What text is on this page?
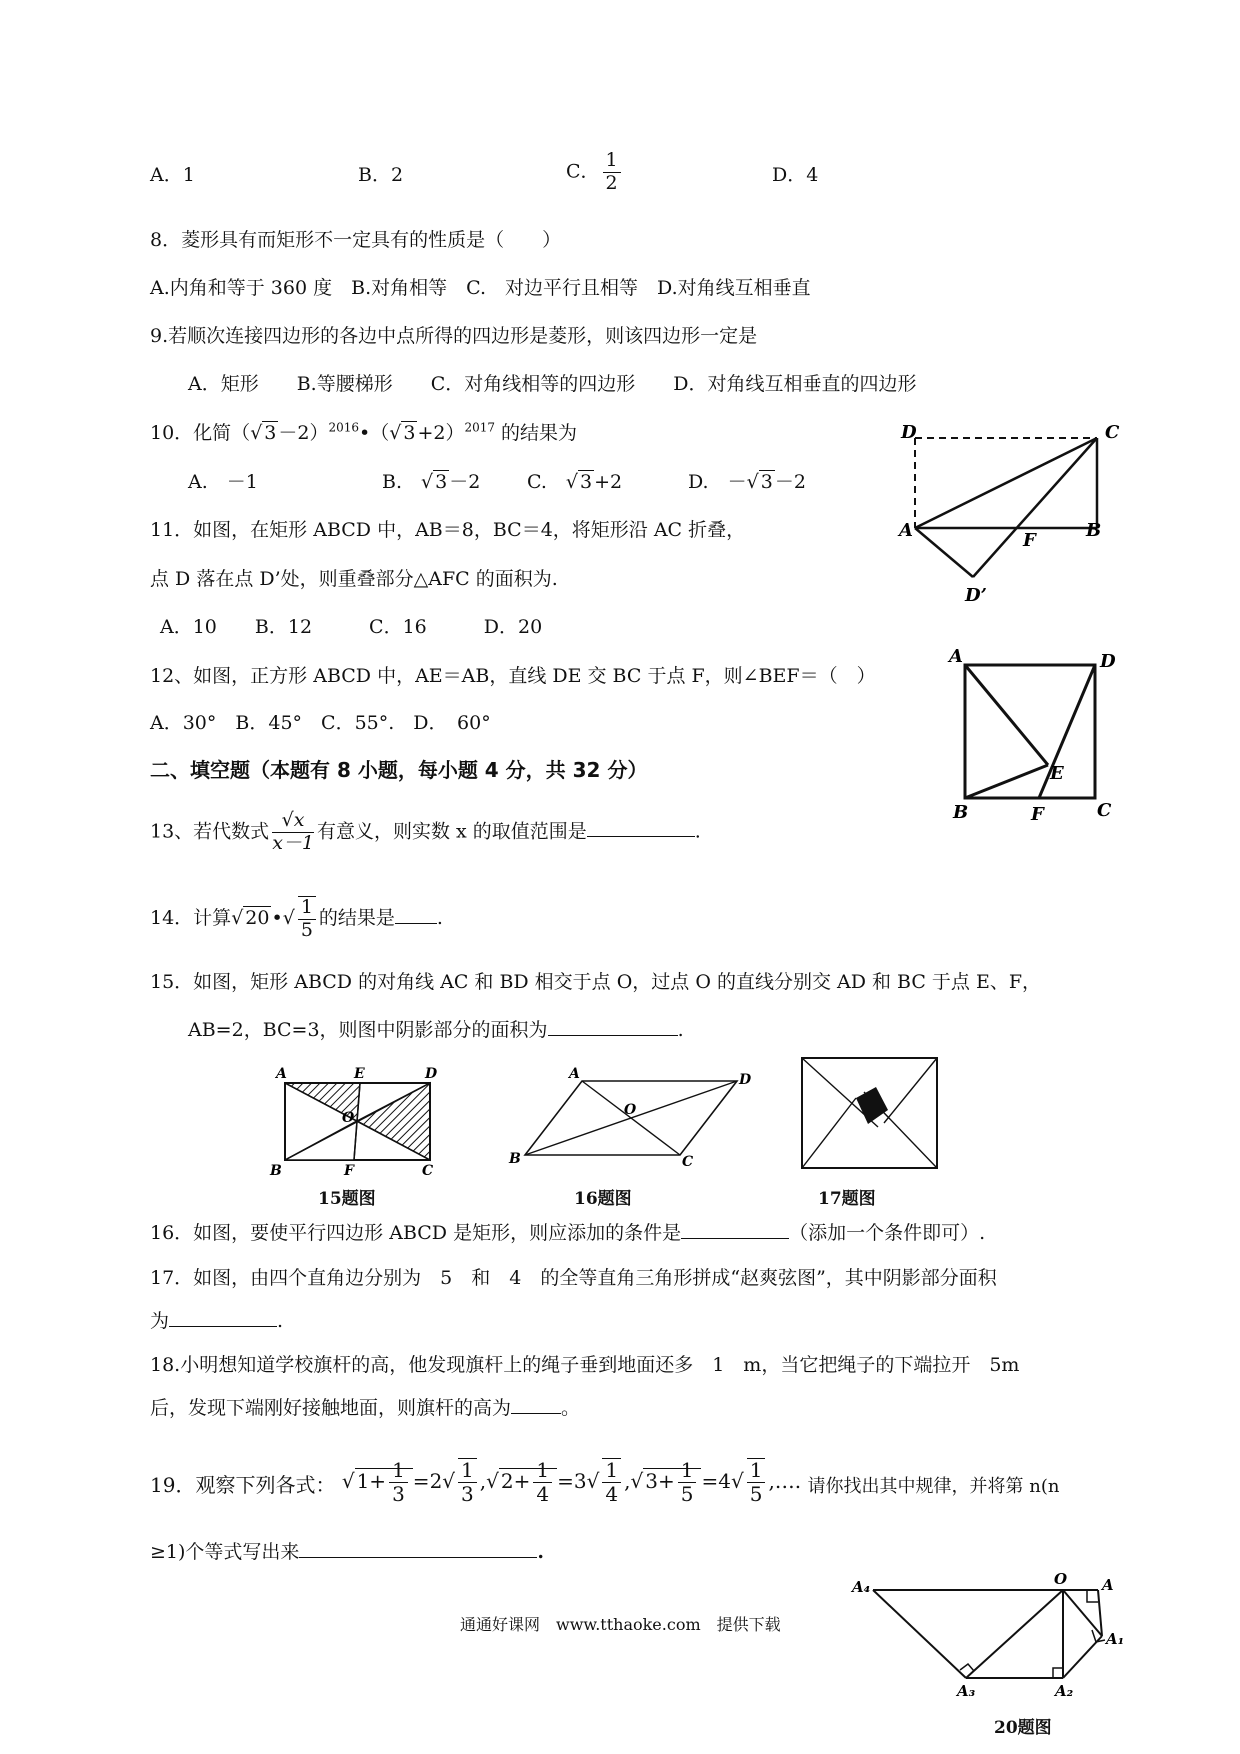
A．1	B．2	C． $\frac{1}{2}$	D．4
8．菱形具有而矩形不一定具有的性质是（　　）
A.内角和等于 360 度　B.对角相等　C.　对边平行且相等　D.对角线互相垂直
9.若顺次连接四边形的各边中点所得的四边形是菱形，则该四边形一定是
A．矩形　　B.等腰梯形　　C．对角线相等的四边形　　D．对角线互相垂直的四边形
10．化简（√ 3 －2）$^{2016}$•（√ 3 +2）$^{2017}$ 的结果为
A.　－1	B.　√ 3 －2 C.　√ 3 +2	D.　－√ 3 －2
11．如图，在矩形 ABCD 中，AB＝8，BC＝4，将矩形沿 AC 折叠，
点 D 落在点 D’处，则重叠部分△AFC 的面积为.
A．10　　B．12　　　C．16　　　D．20
12、如图，正方形 ABCD 中，AE＝AB，直线 DE 交 BC 于点 F，则∠BEF＝（　）
A．30°　B．45°　C．55°.　D．　60°
二、填空题（本题有 8 小题，每小题 4 分，共 32 分）
13、若代数式 $\frac{√x}{x-1}$ 有意义，则实数 x 的取值范围是	.
14．计算√ 20 •√ $\frac{1}{5}$ 的结果是 .
15．如图，矩形 ABCD 的对角线 AC 和 BD 相交于点 O，过点 O 的直线分别交 AD 和 BC 于点 E、F，
AB=2，BC=3，则图中阴影部分的面积为	.
A	E	D
O
B	F	C
15题图
A	D
O
B	C
16题图	17题图
16．如图，要使平行四边形 ABCD 是矩形，则应添加的条件是	（添加一个条件即可）.
17．如图，由四个直角边分别为　5　和　4　的全等直角三角形拼成“赵爽弦图”，其中阴影部分面积
为	.
18.小明想知道学校旗杆的高，他发现旗杆上的绳子垂到地面还多　1　m，当它把绳子的下端拉开　5m
后，发现下端刚好接触地面，则旗杆的高为	。
19．观察下列各式： √ $1+ \frac{1}{3} =2√ \frac{1}{3}$ ,√ $2+ \frac{1}{4} =3√ \frac{1}{4}$ ,√ $3+ \frac{1}{5} =4√ \frac{1}{5}$ ,…. 请你找出其中规律，并将第 n(n
≥1)个等式写出来	.
D	C
A	F	B
D’
A	D
E
B	F	C
A₄	O A
A₁
A₃	A₂
20题图
通通好课网　www.tthaoke.com　提供下载
